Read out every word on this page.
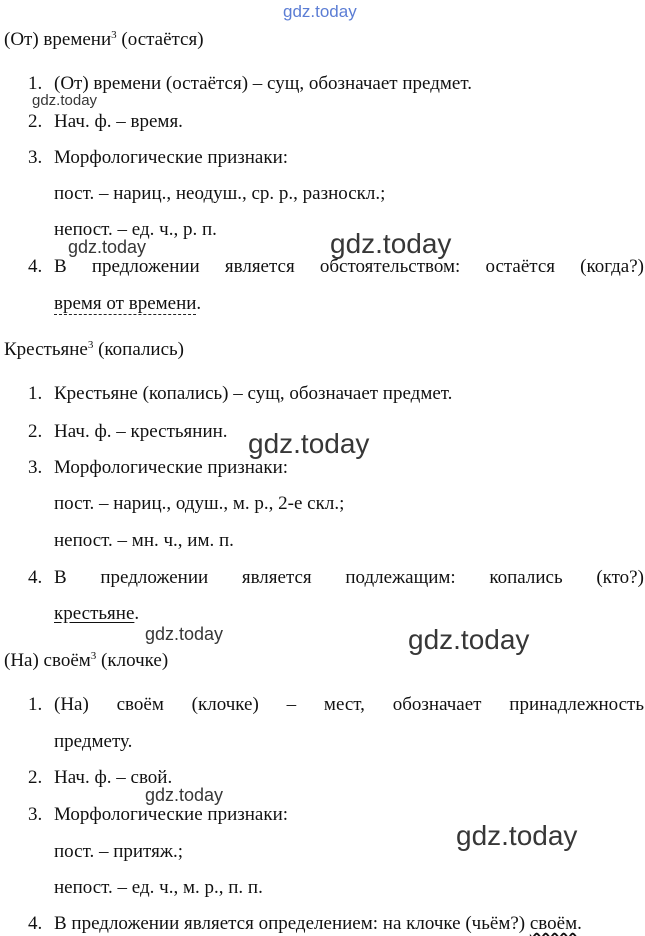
gdz.today
(От) времени$^3$ (остаётся)
1. (От) времени (остаётся) – сущ, обозначает предмет.
2. Нач. ф. – время.
3. Морфологические признаки:
пост. – нариц., неодуш., ср. р., разноскл.;
непост. – ед. ч., р. п.
4. В предложении является обстоятельством: остаётся (когда?)
время от времени.
Крестьяне$^3$ (копались)
1. Крестьяне (копались) – сущ, обозначает предмет.
2. Нач. ф. – крестьянин.
3. Морфологические признаки:
пост. – нариц., одуш., м. р., 2-е скл.;
непост. – мн. ч., им. п.
4. В предложении является подлежащим: копались (кто?)
крестьяне.
(На) своём$^3$ (клочке)
1. (На) своём (клочке) – мест, обозначает принадлежность
предмету.
2. Нач. ф. – свой.
3. Морфологические признаки:
пост. – притяж.;
непост. – ед. ч., м. р., п. п.
4. В предложении является определением: на клочке (чьём?) своём.
gdz.today
gdz.today	gdz.today
gdz.today
gdz.today	gdz.today
gdz.today
gdz.today
